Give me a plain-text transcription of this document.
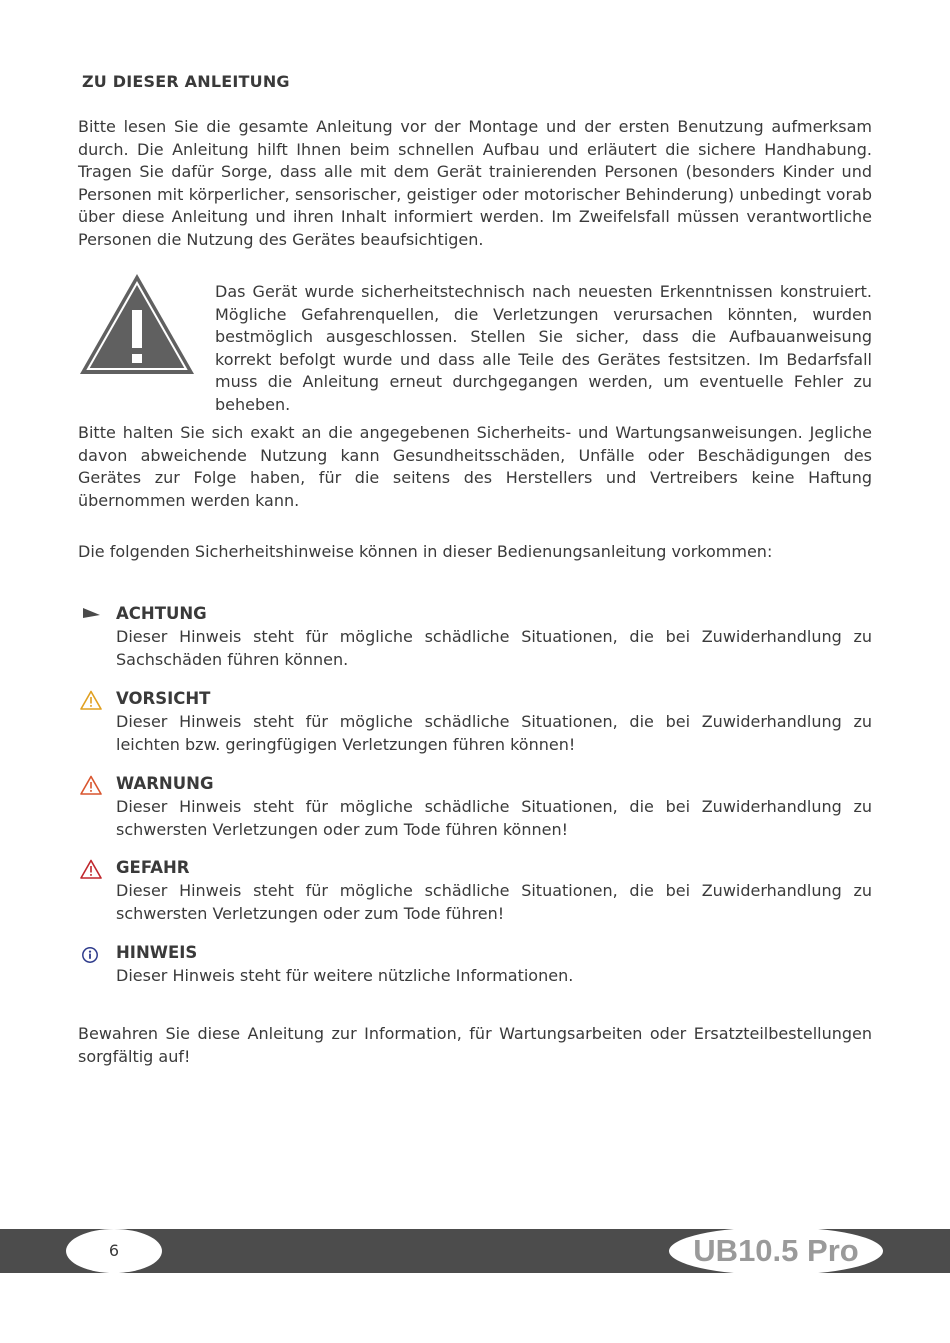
ZU DIESER ANLEITUNG

Bitte lesen Sie die gesamte Anleitung vor der Montage und der ersten Benutzung aufmerksam durch. Die Anleitung hilft Ihnen beim schnellen Aufbau und erläutert die sichere Handhabung. Tragen Sie dafür Sorge, dass alle mit dem Gerät trainierenden Personen (besonders Kinder und Personen mit körperlicher, sensorischer, geistiger oder motorischer Behinderung) unbedingt vorab über diese Anleitung und ihren Inhalt informiert werden. Im Zweifelsfall müssen verantwortliche Personen die Nutzung des Gerätes beaufsichtigen.

Das Gerät wurde sicherheitstechnisch nach neuesten Erkenntnissen konstruiert. Mögliche Gefahrenquellen, die Verletzungen verursachen könnten, wurden bestmöglich ausgeschlossen. Stellen Sie sicher, dass die Aufbauanweisung korrekt befolgt wurde und dass alle Teile des Gerätes festsitzen. Im Bedarfsfall muss die Anleitung erneut durchgegangen werden, um eventuelle Fehler zu beheben.

Bitte halten Sie sich exakt an die angegebenen Sicherheits- und Wartungsanweisungen. Jegliche davon abweichende Nutzung kann Gesundheitsschäden, Unfälle oder Beschädigungen des Gerätes zur Folge haben, für die seitens des Herstellers und Vertreibers keine Haftung übernommen werden kann.

Die folgenden Sicherheitshinweise können in dieser Bedienungsanleitung vorkommen:

ACHTUNG

Dieser Hinweis steht für mögliche schädliche Situationen, die bei Zuwiderhandlung zu Sachschäden führen können.

VORSICHT

Dieser Hinweis steht für mögliche schädliche Situationen, die bei Zuwiderhandlung zu leichten bzw. geringfügigen Verletzungen führen können!

WARNUNG

Dieser Hinweis steht für mögliche schädliche Situationen, die bei Zuwiderhandlung zu schwersten Verletzungen oder zum Tode führen können!

GEFAHR

Dieser Hinweis steht für mögliche schädliche Situationen, die bei Zuwiderhandlung zu schwersten Verletzungen oder zum Tode führen!

HINWEIS

Dieser Hinweis steht für weitere nützliche Informationen.

Bewahren Sie diese Anleitung zur Information, für Wartungsarbeiten oder Ersatzteilbestellungen sorgfältig auf!

6	UB10.5 Pro
